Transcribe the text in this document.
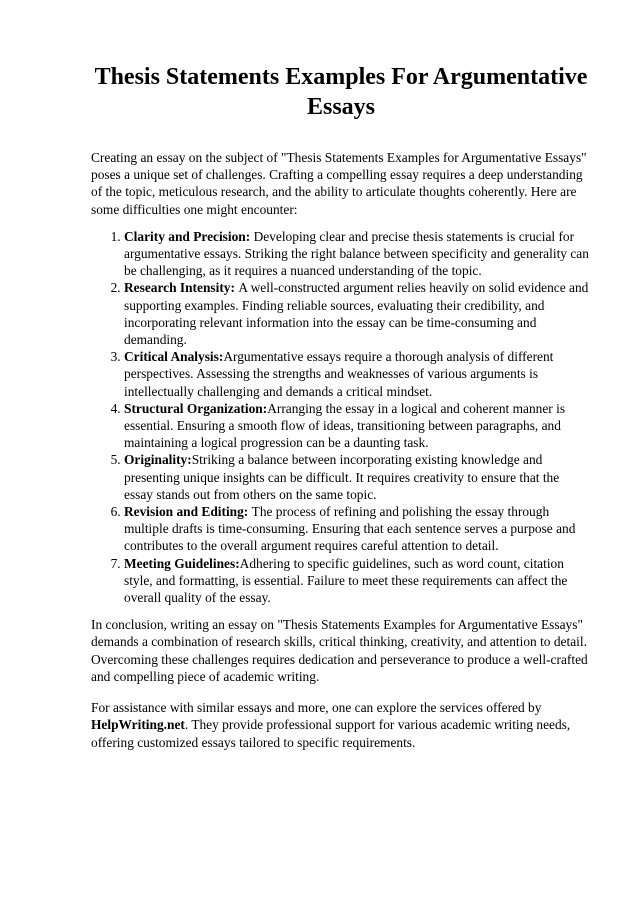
Thesis Statements Examples For Argumentative Essays

Creating an essay on the subject of "Thesis Statements Examples for Argumentative Essays" poses a unique set of challenges. Crafting a compelling essay requires a deep understanding of the topic, meticulous research, and the ability to articulate thoughts coherently. Here are some difficulties one might encounter:

1. Clarity and Precision: Developing clear and precise thesis statements is crucial for argumentative essays. Striking the right balance between specificity and generality can be challenging, as it requires a nuanced understanding of the topic.
2. Research Intensity: A well-constructed argument relies heavily on solid evidence and supporting examples. Finding reliable sources, evaluating their credibility, and incorporating relevant information into the essay can be time-consuming and demanding.
3. Critical Analysis:Argumentative essays require a thorough analysis of different perspectives. Assessing the strengths and weaknesses of various arguments is intellectually challenging and demands a critical mindset.
4. Structural Organization:Arranging the essay in a logical and coherent manner is essential. Ensuring a smooth flow of ideas, transitioning between paragraphs, and maintaining a logical progression can be a daunting task.
5. Originality:Striking a balance between incorporating existing knowledge and presenting unique insights can be difficult. It requires creativity to ensure that the essay stands out from others on the same topic.
6. Revision and Editing: The process of refining and polishing the essay through multiple drafts is time-consuming. Ensuring that each sentence serves a purpose and contributes to the overall argument requires careful attention to detail.
7. Meeting Guidelines:Adhering to specific guidelines, such as word count, citation style, and formatting, is essential. Failure to meet these requirements can affect the overall quality of the essay.

In conclusion, writing an essay on "Thesis Statements Examples for Argumentative Essays" demands a combination of research skills, critical thinking, creativity, and attention to detail. Overcoming these challenges requires dedication and perseverance to produce a well-crafted and compelling piece of academic writing.

For assistance with similar essays and more, one can explore the services offered by HelpWriting.net. They provide professional support for various academic writing needs, offering customized essays tailored to specific requirements.
